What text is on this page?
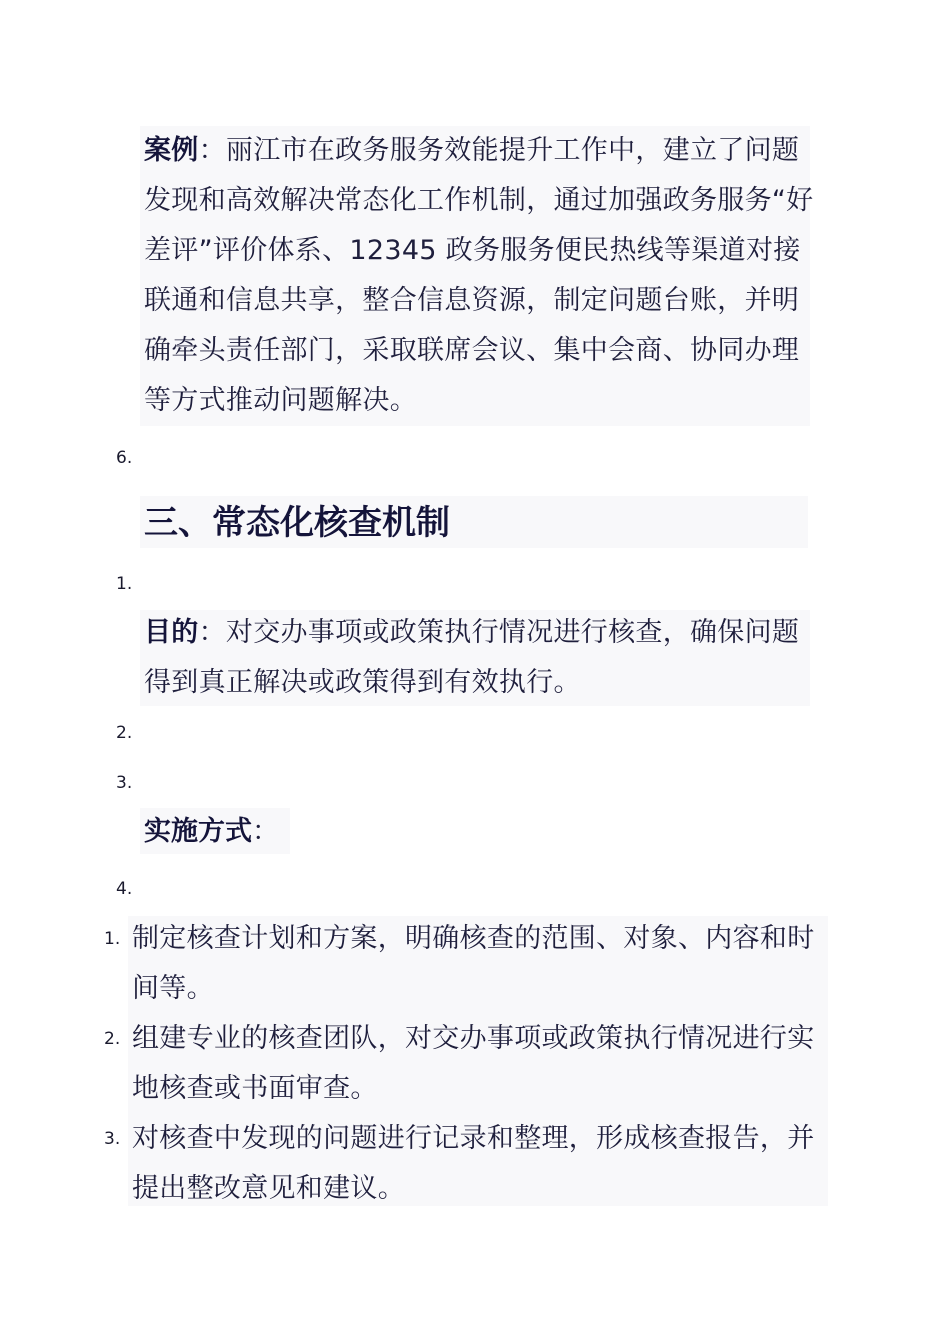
案例：丽江市在政务服务效能提升工作中，建立了问题发现和高效解决常态化工作机制，通过加强政务服务“好差评”评价体系、12345 政务服务便民热线等渠道对接联通和信息共享，整合信息资源，制定问题台账，并明确牵头责任部门，采取联席会议、集中会商、协同办理等方式推动问题解决。
6.
三、常态化核查机制
1.
目的：对交办事项或政策执行情况进行核查，确保问题得到真正解决或政策得到有效执行。
2.
3.
实施方式：
4.
1. 制定核查计划和方案，明确核查的范围、对象、内容和时间等。
2. 组建专业的核查团队，对交办事项或政策执行情况进行实地核查或书面审查。
3. 对核查中发现的问题进行记录和整理，形成核查报告，并提出整改意见和建议。
